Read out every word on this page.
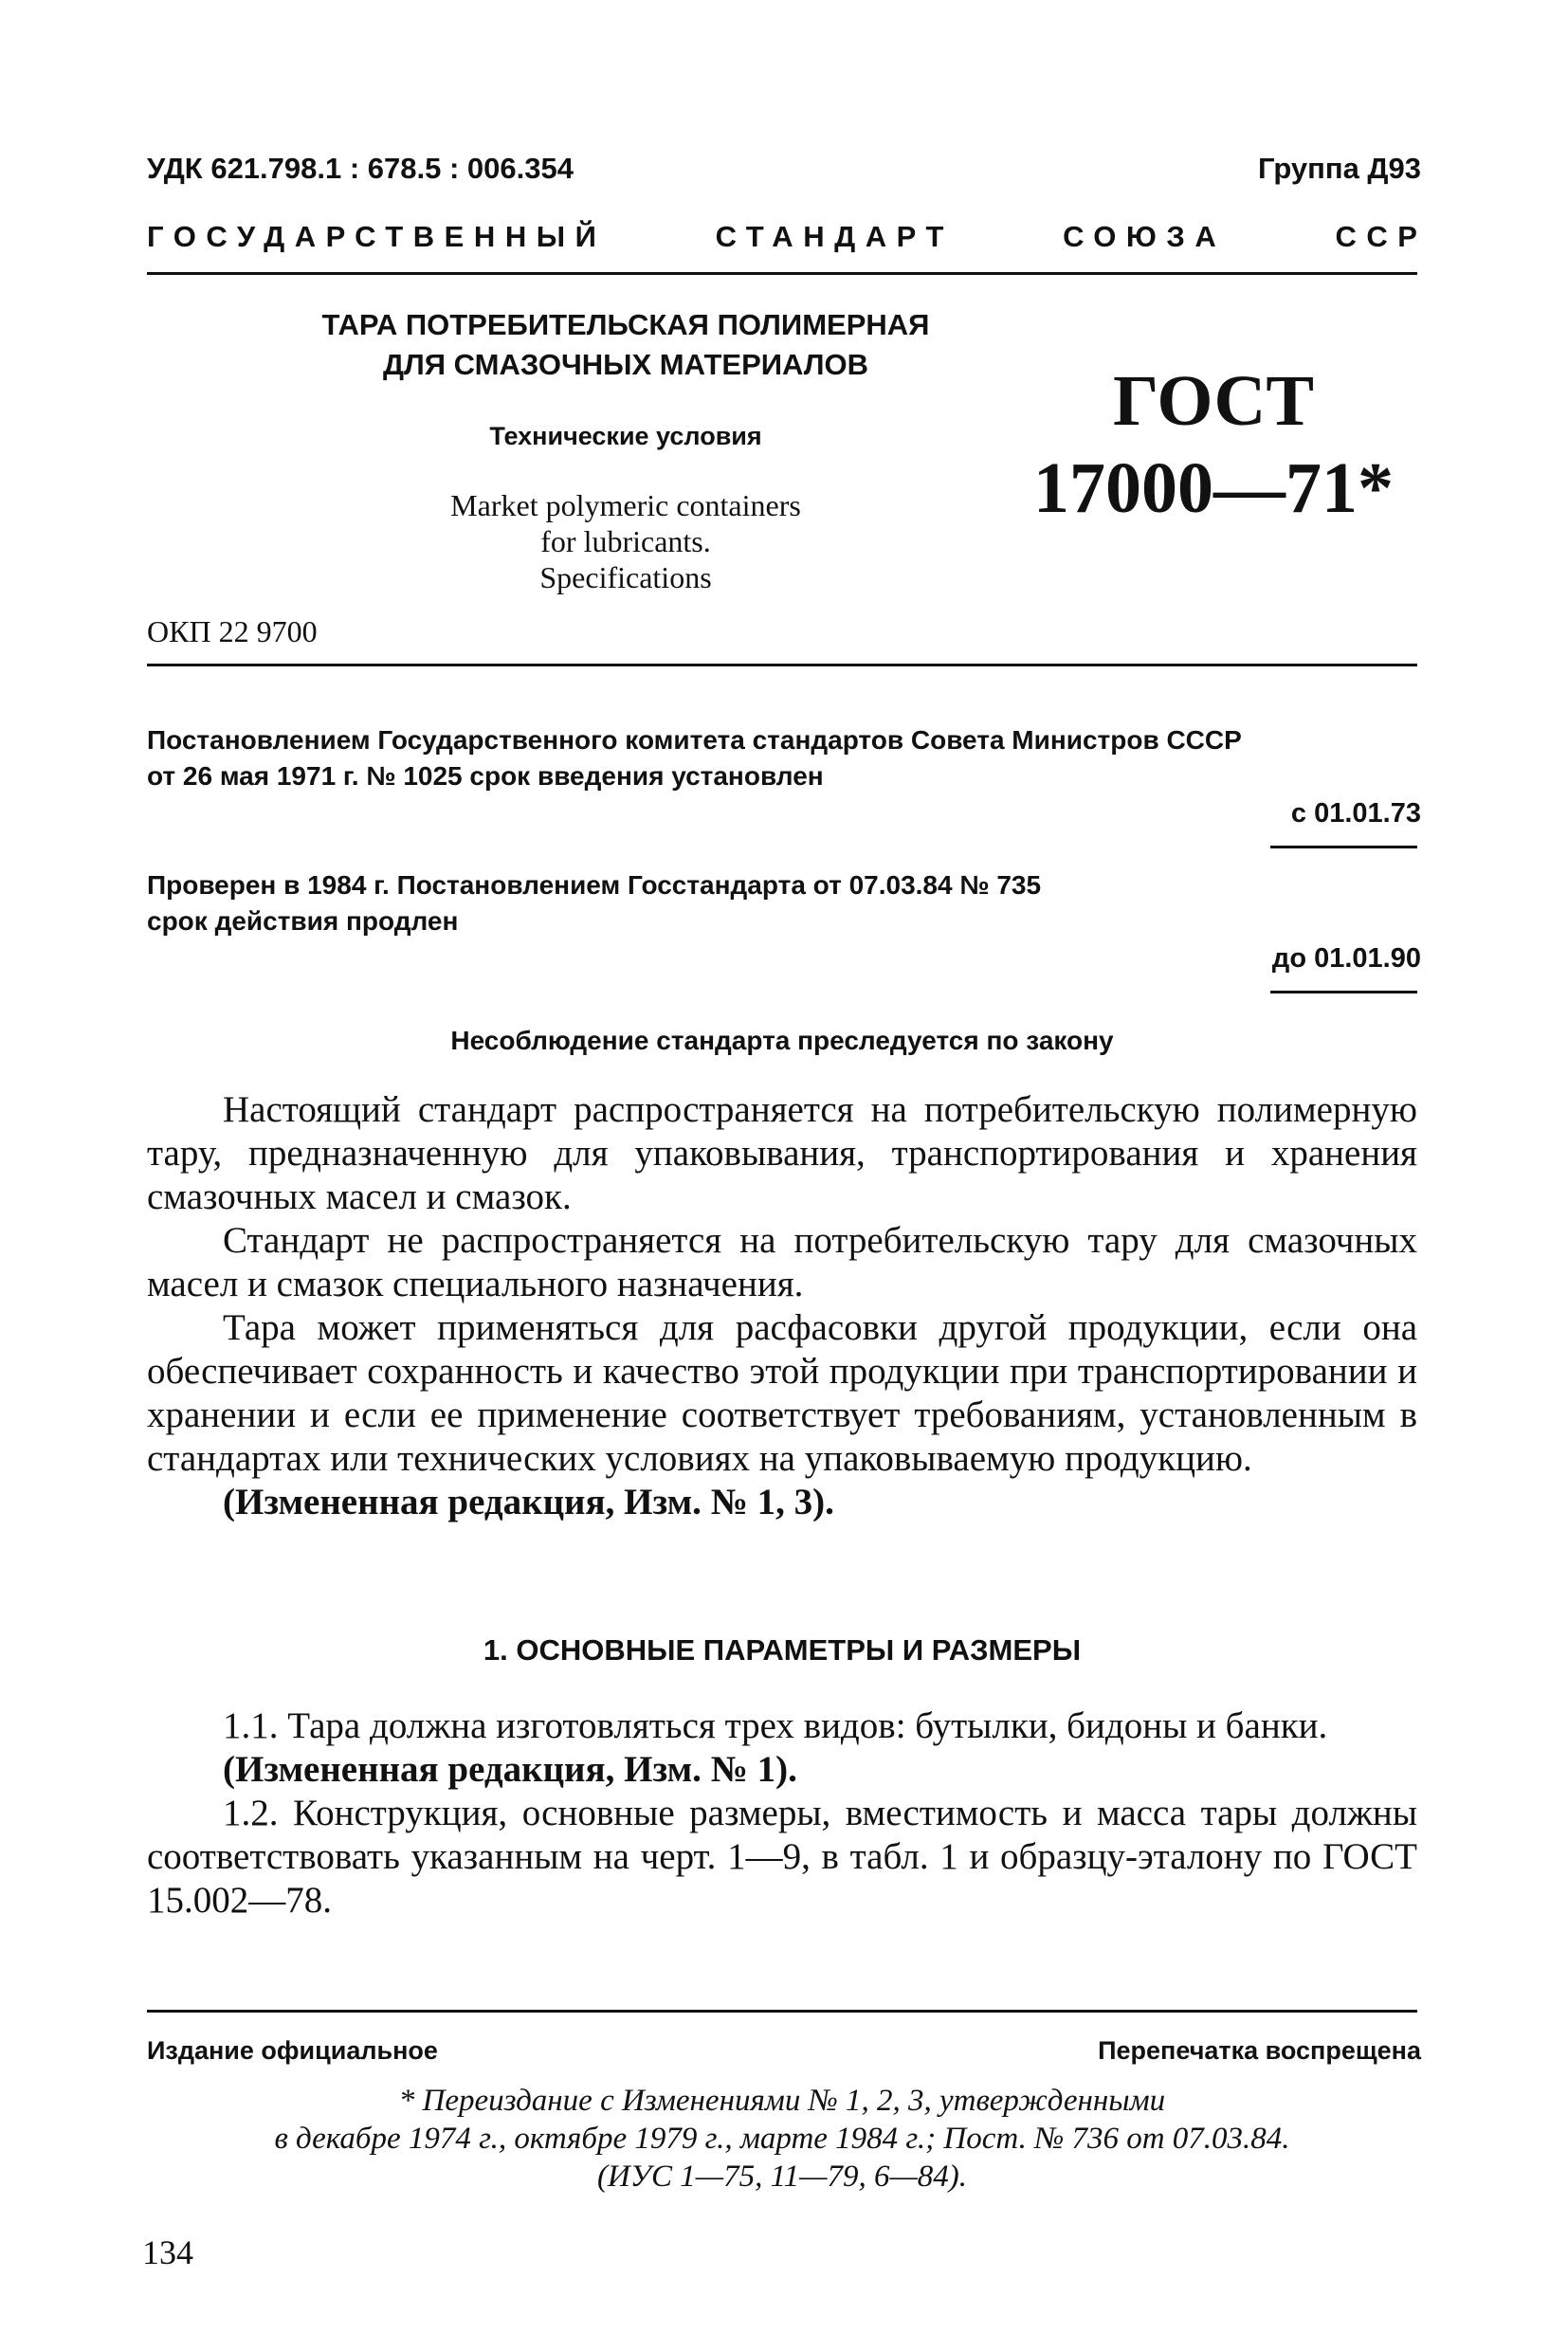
УДК 621.798.1 : 678.5 : 006.354	Группа Д93
ГОСУДАРСТВЕННЫЙ	СТАНДАРТ	СОЮЗА	ССР
ТАРА ПОТРЕБИТЕЛЬСКАЯ ПОЛИМЕРНАЯ
ДЛЯ СМАЗОЧНЫХ МАТЕРИАЛОВ
Технические условия
Market polymeric containers
for lubricants.
Specifications
ГОСТ
17000—71*
ОКП 22 9700
Постановлением Государственного комитета стандартов Совета Министров СССР
от 26 мая 1971 г. № 1025 срок введения установлен
с 01.01.73
Проверен в 1984 г. Постановлением Госстандарта от 07.03.84 № 735
срок действия продлен
до 01.01.90
Несоблюдение стандарта преследуется по закону

Настоящий стандарт распространяется на потребительскую полимерную тару, предназначенную для упаковывания, транспортирования и хранения смазочных масел и смазок.

Стандарт не распространяется на потребительскую тару для смазочных масел и смазок специального назначения.

Тара может применяться для расфасовки другой продукции, если она обеспечивает сохранность и качество этой продукции при транспортировании и хранении и если ее применение соответствует требованиям, установленным в стандартах или технических условиях на упаковываемую продукцию.

(Измененная редакция, Изм. № 1, 3).

1. ОСНОВНЫЕ ПАРАМЕТРЫ И РАЗМЕРЫ

1.1. Тара должна изготовляться трех видов: бутылки, бидоны и банки.

(Измененная редакция, Изм. № 1).

1.2. Конструкция, основные размеры, вместимость и масса тары должны соответствовать указанным на черт. 1—9, в табл. 1 и образцу-эталону по ГОСТ 15.002—78.

Издание официальное	Перепечатка воспрещена
* Переиздание с Изменениями № 1, 2, 3, утвержденными
в декабре 1974 г., октябре 1979 г., марте 1984 г.; Пост. № 736 от 07.03.84.
(ИУС 1—75, 11—79, 6—84).
134
